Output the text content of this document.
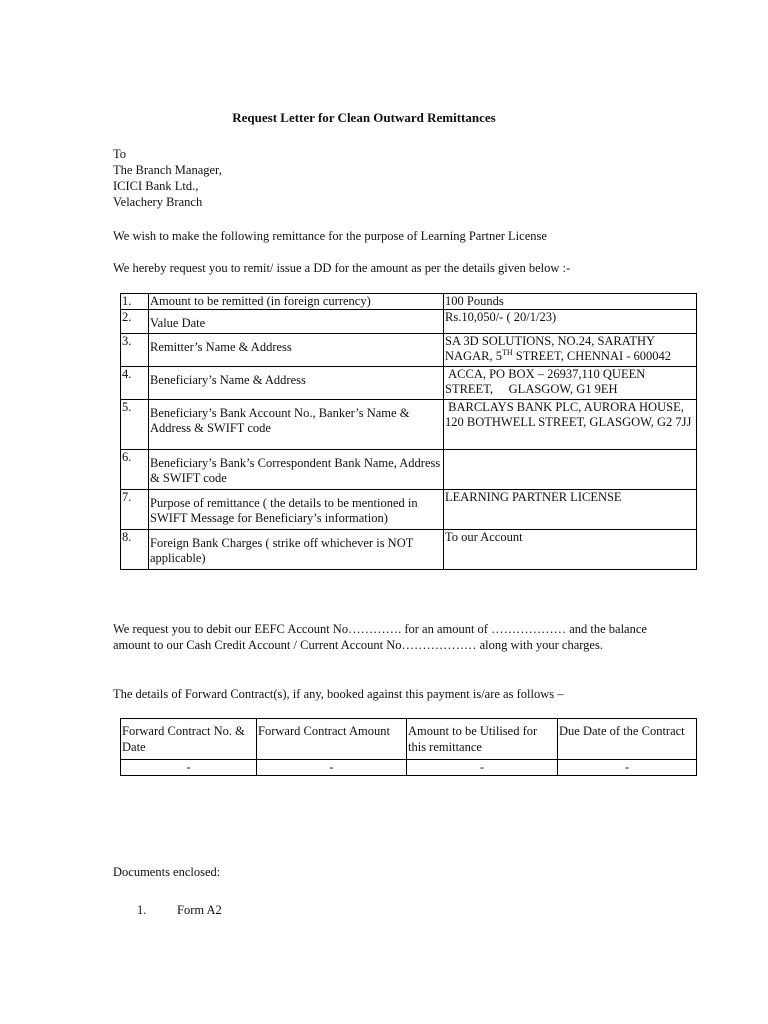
Request Letter for Clean Outward Remittances
To
The Branch Manager,
ICICI Bank Ltd.,
Velachery Branch
We wish to make the following remittance for the purpose of Learning Partner License
We hereby request you to remit/ issue a DD for the amount as per the details given below :-
1.	Amount to be remitted (in foreign currency)	100 Pounds
2.	Value Date	Rs.10,050/- ( 20/1/23)
3.	Remitter’s Name & Address	SA 3D SOLUTIONS, NO.24, SARATHY NAGAR, 5TH STREET, CHENNAI - 600042
4.	Beneficiary’s Name & Address	ACCA, PO BOX – 26937,110 QUEEN STREET,     GLASGOW, G1 9EH
5.	Beneficiary’s Bank Account No., Banker’s Name & Address & SWIFT code	BARCLAYS BANK PLC, AURORA HOUSE, 120 BOTHWELL STREET, GLASGOW, G2 7JJ
6.	Beneficiary’s Bank’s Correspondent Bank Name, Address & SWIFT code	

7.	Purpose of remittance ( the details to be mentioned in SWIFT Message for Beneficiary’s information)	LEARNING PARTNER LICENSE
8.	Foreign Bank Charges ( strike off whichever is NOT applicable)	To our Account
We request you to debit our EEFC Account No…………. for an amount of ……………… and the balance amount to our Cash Credit Account / Current Account No……………… along with your charges.
The details of Forward Contract(s), if any, booked against this payment is/are as follows –
Forward Contract No. & Date	Forward Contract Amount	Amount to be Utilised for this remittance	Due Date of the Contract
-	-	-	-
Documents enclosed:
1. Form A2
